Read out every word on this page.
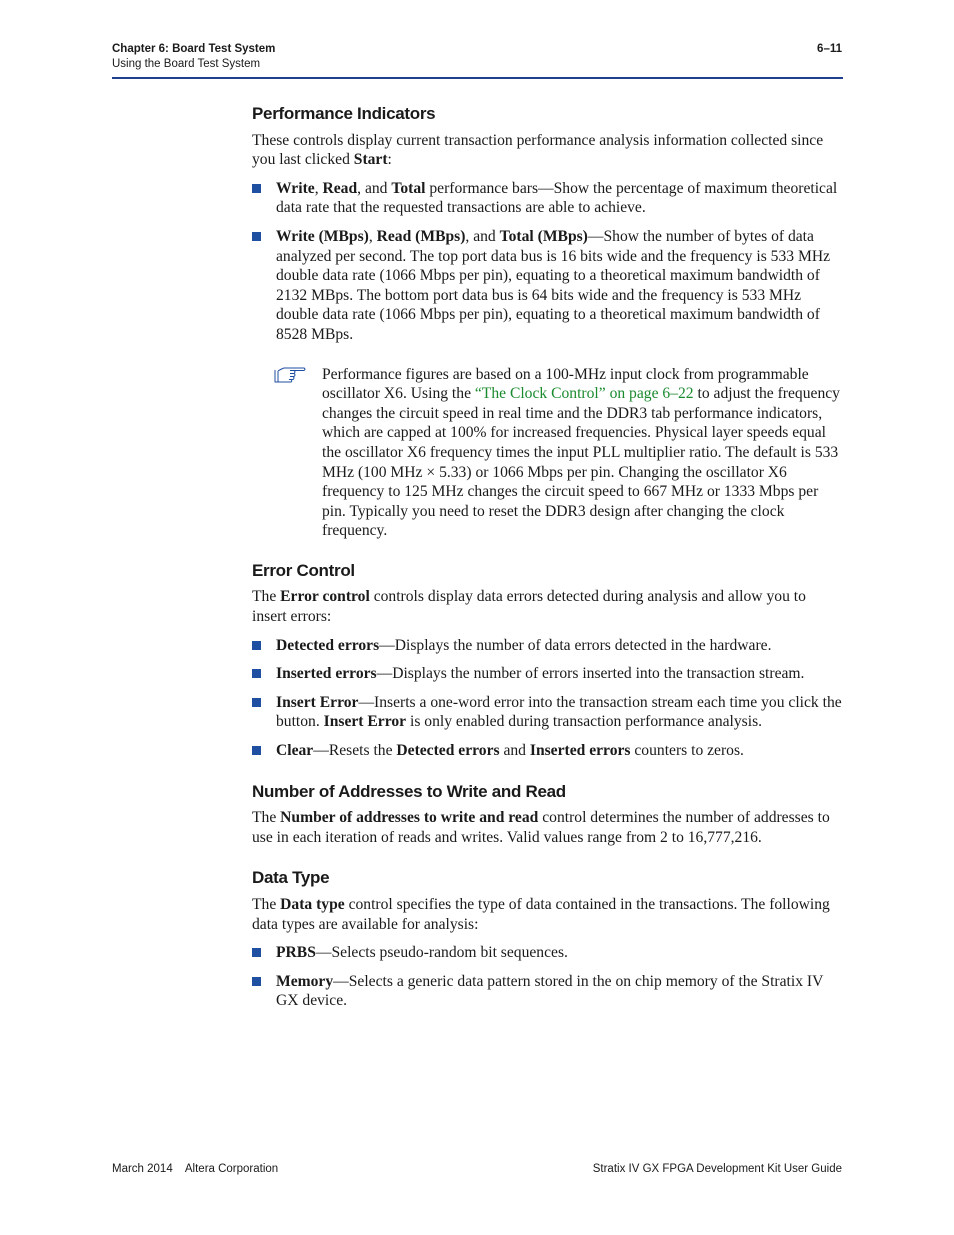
Chapter 6: Board Test System
Using the Board Test System
6–11
Performance Indicators

These controls display current transaction performance analysis information collected since you last clicked Start:

Write, Read, and Total performance bars—Show the percentage of maximum theoretical data rate that the requested transactions are able to achieve.
Write (MBps), Read (MBps), and Total (MBps)—Show the number of bytes of data analyzed per second. The top port data bus is 16 bits wide and the frequency is 533 MHz double data rate (1066 Mbps per pin), equating to a theoretical maximum bandwidth of 2132 MBps. The bottom port data bus is 64 bits wide and the frequency is 533 MHz double data rate (1066 Mbps per pin), equating to a theoretical maximum bandwidth of 8528 MBps.
Performance figures are based on a 100-MHz input clock from programmable oscillator X6. Using the “The Clock Control” on page 6–22 to adjust the frequency changes the circuit speed in real time and the DDR3 tab performance indicators, which are capped at 100% for increased frequencies. Physical layer speeds equal the oscillator X6 frequency times the input PLL multiplier ratio. The default is 533 MHz (100 MHz × 5.33) or 1066 Mbps per pin. Changing the oscillator X6 frequency to 125 MHz changes the circuit speed to 667 MHz or 1333 Mbps per pin. Typically you need to reset the DDR3 design after changing the clock frequency.
Error Control

The Error control controls display data errors detected during analysis and allow you to insert errors:

Detected errors—Displays the number of data errors detected in the hardware.
Inserted errors—Displays the number of errors inserted into the transaction stream.
Insert Error—Inserts a one-word error into the transaction stream each time you click the button. Insert Error is only enabled during transaction performance analysis.
Clear—Resets the Detected errors and Inserted errors counters to zeros.
Number of Addresses to Write and Read

The Number of addresses to write and read control determines the number of addresses to use in each iteration of reads and writes. Valid values range from 2 to 16,777,216.

Data Type

The Data type control specifies the type of data contained in the transactions. The following data types are available for analysis:

PRBS—Selects pseudo-random bit sequences.
Memory—Selects a generic data pattern stored in the on chip memory of the Stratix IV GX device.
March 2014    Altera Corporation	Stratix IV GX FPGA Development Kit User Guide
